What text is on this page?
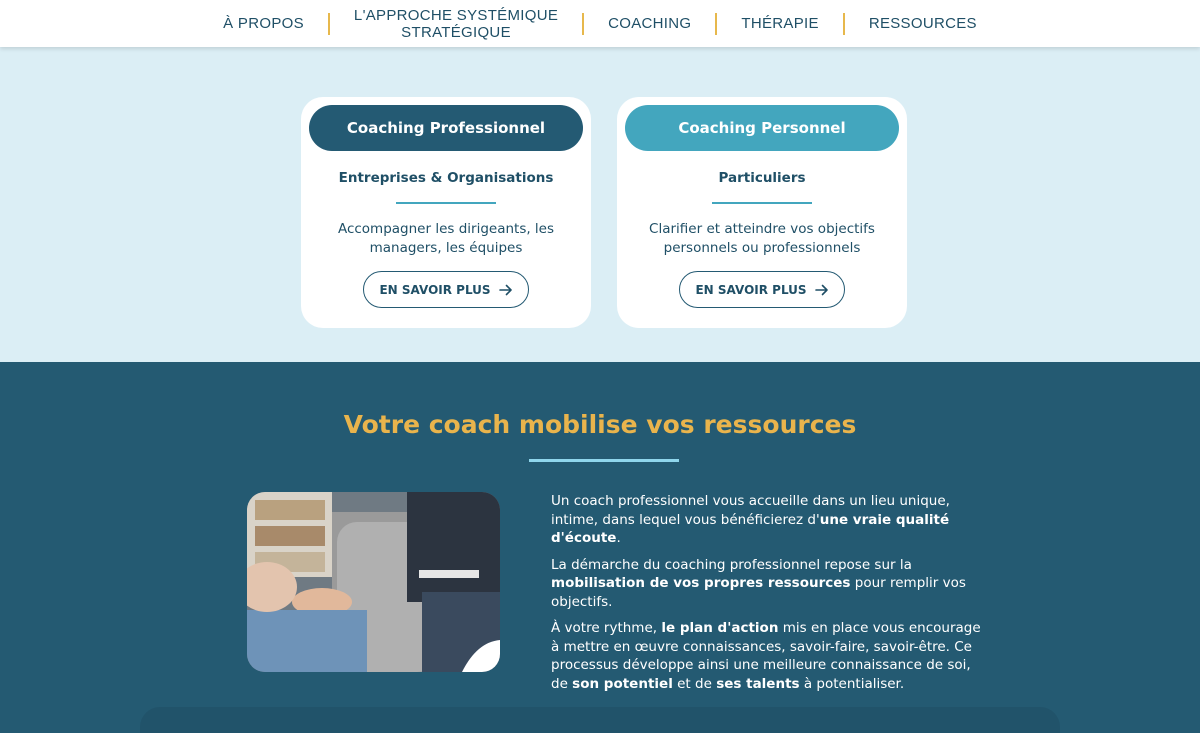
À PROPOS	L'APPROCHE SYSTÉMIQUE
STRATÉGIQUE	COACHING	THÉRAPIE	RESSOURCES
Coaching Professionnel
Entreprises & Organisations
Accompagner les dirigeants, les managers, les équipes
EN SAVOIR PLUS
Coaching Personnel
Particuliers
Clarifier et atteindre vos objectifs personnels ou professionnels
EN SAVOIR PLUS
Votre coach mobilise vos ressources

Un coach professionnel vous accueille dans un lieu unique, intime, dans lequel vous bénéficierez d'une vraie qualité d'écoute.

La démarche du coaching professionnel repose sur la mobilisation de vos propres ressources pour remplir vos objectifs.

À votre rythme, le plan d'action mis en place vous encourage à mettre en œuvre connaissances, savoir-faire, savoir-être. Ce processus développe ainsi une meilleure connaissance de soi, de son potentiel et de ses talents à potentialiser.
